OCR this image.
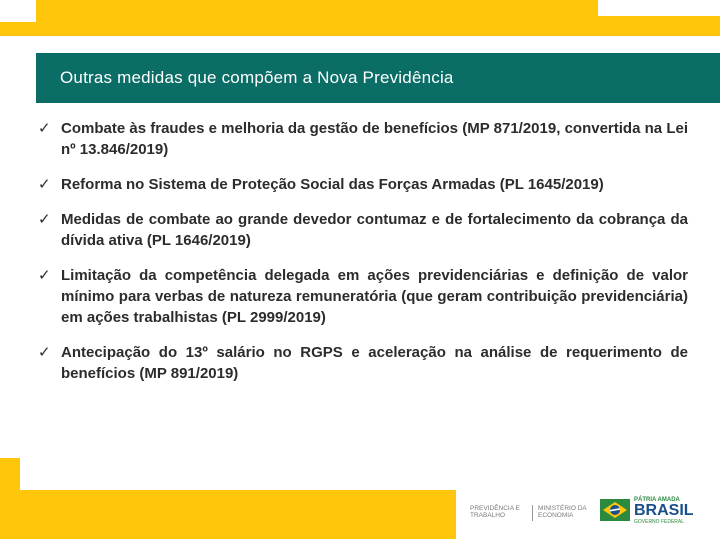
Outras medidas que compõem a Nova Previdência
✓ Combate às fraudes e melhoria da gestão de benefícios (MP 871/2019, convertida na Lei nº 13.846/2019)
✓ Reforma no Sistema de Proteção Social das Forças Armadas (PL 1645/2019)
✓ Medidas de combate ao grande devedor contumaz e de fortalecimento da cobrança da dívida ativa (PL 1646/2019)
✓ Limitação da competência delegada em ações previdenciárias e definição de valor mínimo para verbas de natureza remuneratória (que geram contribuição previdenciária) em ações trabalhistas (PL 2999/2019)
✓ Antecipação do 13º salário no RGPS e aceleração na análise de requerimento de benefícios (MP 891/2019)
PREVIDÊNCIA E
TRABALHO
MINISTÉRIO DA
ECONOMIA
PÁTRIA AMADA
BRASIL
GOVERNO FEDERAL
